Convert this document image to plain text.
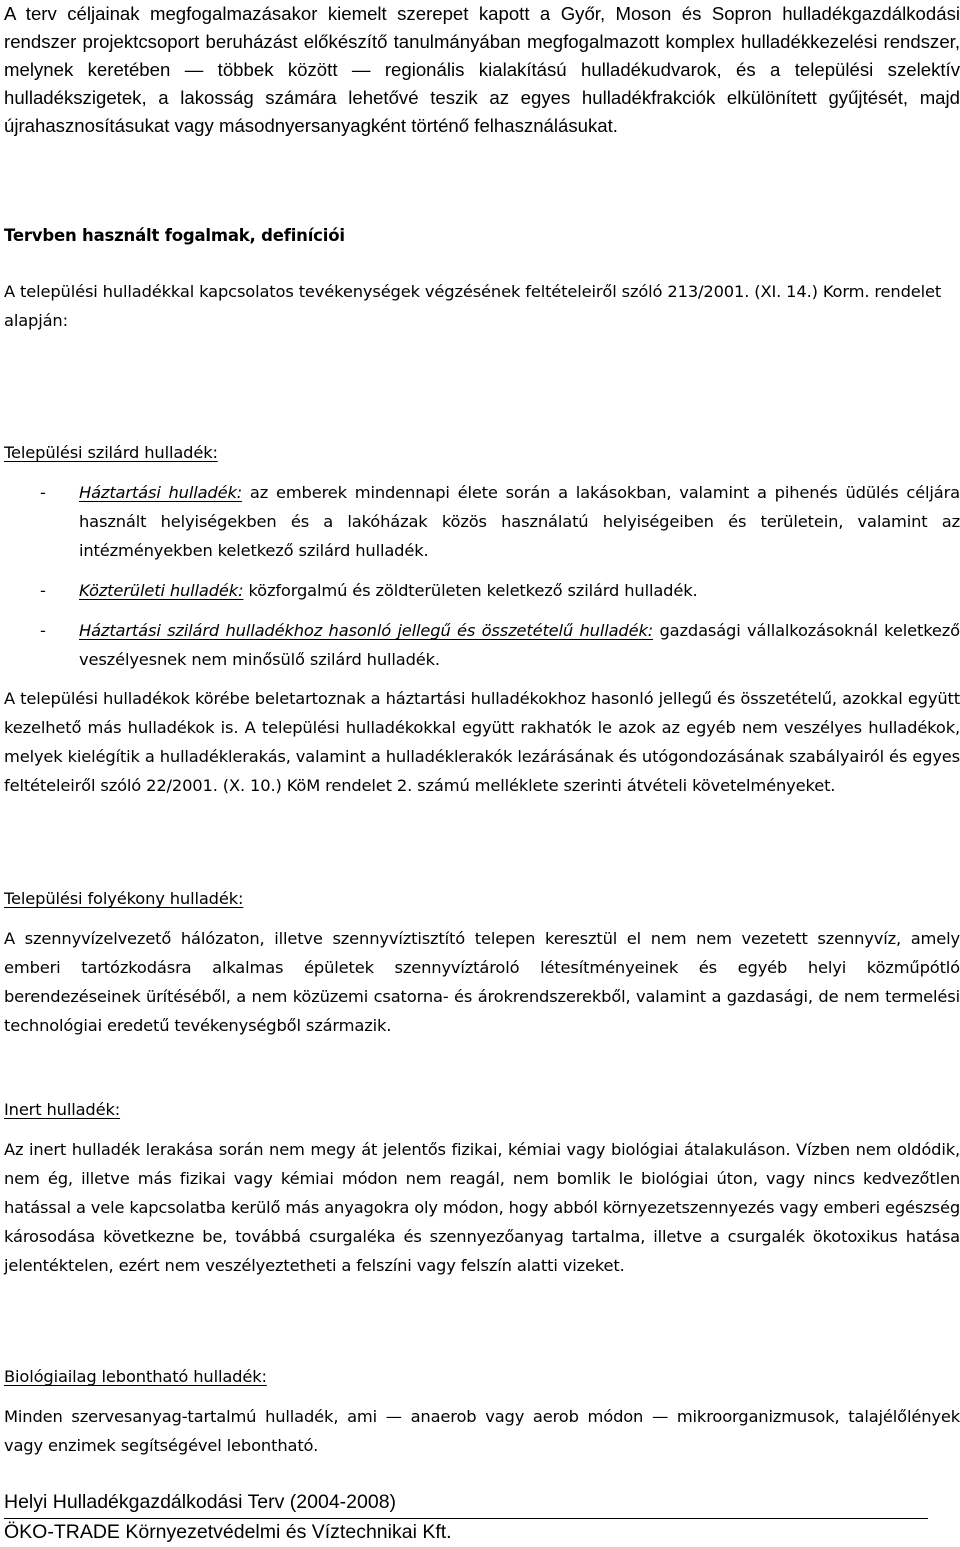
A terv céljainak megfogalmazásakor kiemelt szerepet kapott a Győr, Moson és Sopron hulladékgazdálkodási rendszer projektcsoport beruházást előkészítő tanulmányában megfogalmazott komplex hulladékkezelési rendszer, melynek keretében — többek között — regionális kialakítású hulladékudvarok, és a települési szelektív hulladékszigetek, a lakosság számára lehetővé teszik az egyes hulladékfrakciók elkülönített gyűjtését, majd újrahasznosításukat vagy másodnyersanyagként történő felhasználásukat.
Tervben használt fogalmak, definíciói
A települési hulladékkal kapcsolatos tevékenységek végzésének feltételeiről szóló 213/2001. (XI. 14.) Korm. rendelet alapján:
Települési szilárd hulladék:
- Háztartási hulladék: az emberek mindennapi élete során a lakásokban, valamint a pihenés üdülés céljára használt helyiségekben és a lakóházak közös használatú helyiségeiben és területein, valamint az intézményekben keletkező szilárd hulladék.
- Közterületi hulladék: közforgalmú és zöldterületen keletkező szilárd hulladék.
- Háztartási szilárd hulladékhoz hasonló jellegű és összetételű hulladék: gazdasági vállalkozásoknál keletkező veszélyesnek nem minősülő szilárd hulladék.
A települési hulladékok körébe beletartoznak a háztartási hulladékokhoz hasonló jellegű és összetételű, azokkal együtt kezelhető más hulladékok is. A települési hulladékokkal együtt rakhatók le azok az egyéb nem veszélyes hulladékok, melyek kielégítik a hulladéklerakás, valamint a hulladéklerakók lezárásának és utógondozásának szabályairól és egyes feltételeiről szóló 22/2001. (X. 10.) KöM rendelet 2. számú melléklete szerinti átvételi követelményeket.
Települési folyékony hulladék:
A szennyvízelvezető hálózaton, illetve szennyvíztisztító telepen keresztül el nem nem vezetett szennyvíz, amely emberi tartózkodásra alkalmas épületek szennyvíztároló létesítményeinek és egyéb helyi közműpótló berendezéseinek ürítéséből, a nem közüzemi csatorna- és árokrendszerekből, valamint a gazdasági, de nem termelési technológiai eredetű tevékenységből származik.
Inert hulladék:
Az inert hulladék lerakása során nem megy át jelentős fizikai, kémiai vagy biológiai átalakuláson. Vízben nem oldódik, nem ég, illetve más fizikai vagy kémiai módon nem reagál, nem bomlik le biológiai úton, vagy nincs kedvezőtlen hatással a vele kapcsolatba kerülő más anyagokra oly módon, hogy abból környezetszennyezés vagy emberi egészség károsodása következne be, továbbá csurgaléka és szennyezőanyag tartalma, illetve a csurgalék ökotoxikus hatása jelentéktelen, ezért nem veszélyeztetheti a felszíni vagy felszín alatti vizeket.
Biológiailag lebontható hulladék:
Minden szervesanyag-tartalmú hulladék, ami — anaerob vagy aerob módon — mikroorganizmusok, talajélőlények vagy enzimek segítségével lebontható.
Helyi Hulladékgazdálkodási Terv (2004-2008)
ÖKO-TRADE Környezetvédelmi és Víztechnikai Kft.
